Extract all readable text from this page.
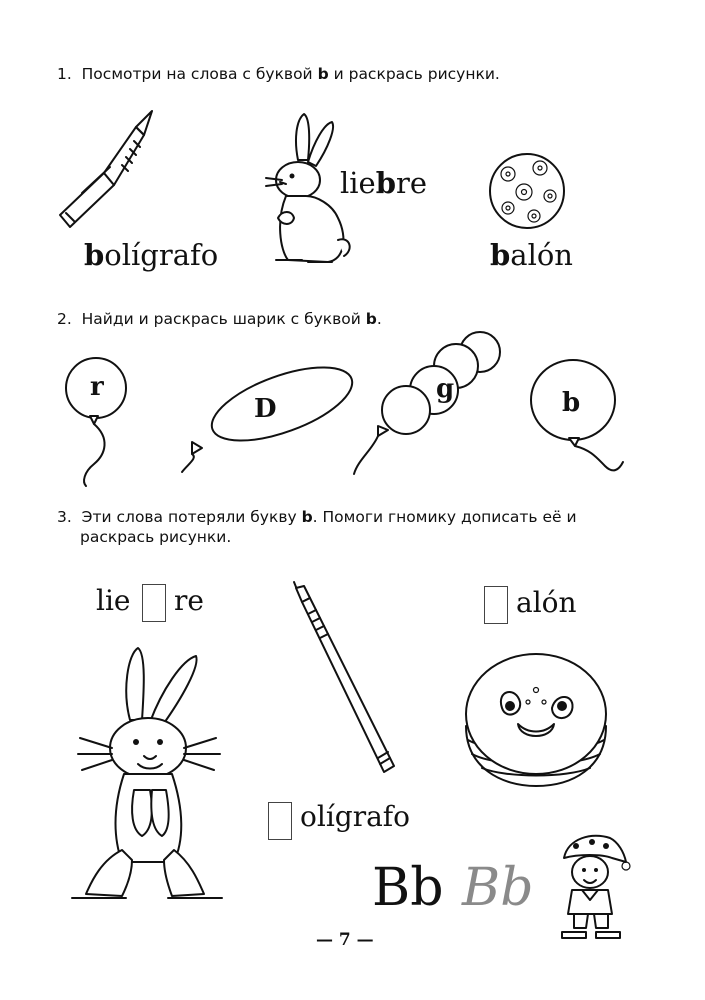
1. Посмотри на слова с буквой b и раскрась рисунки.
bolígrafo
liebre
balón
2. Найди и раскрась шарик с буквой b.
r
D
g	b
3. Эти слова потеряли букву b. Помоги гномику дописать её и
раскрась рисунки.
lie re	alón
olígrafo
Bb Bb
— 7 —
